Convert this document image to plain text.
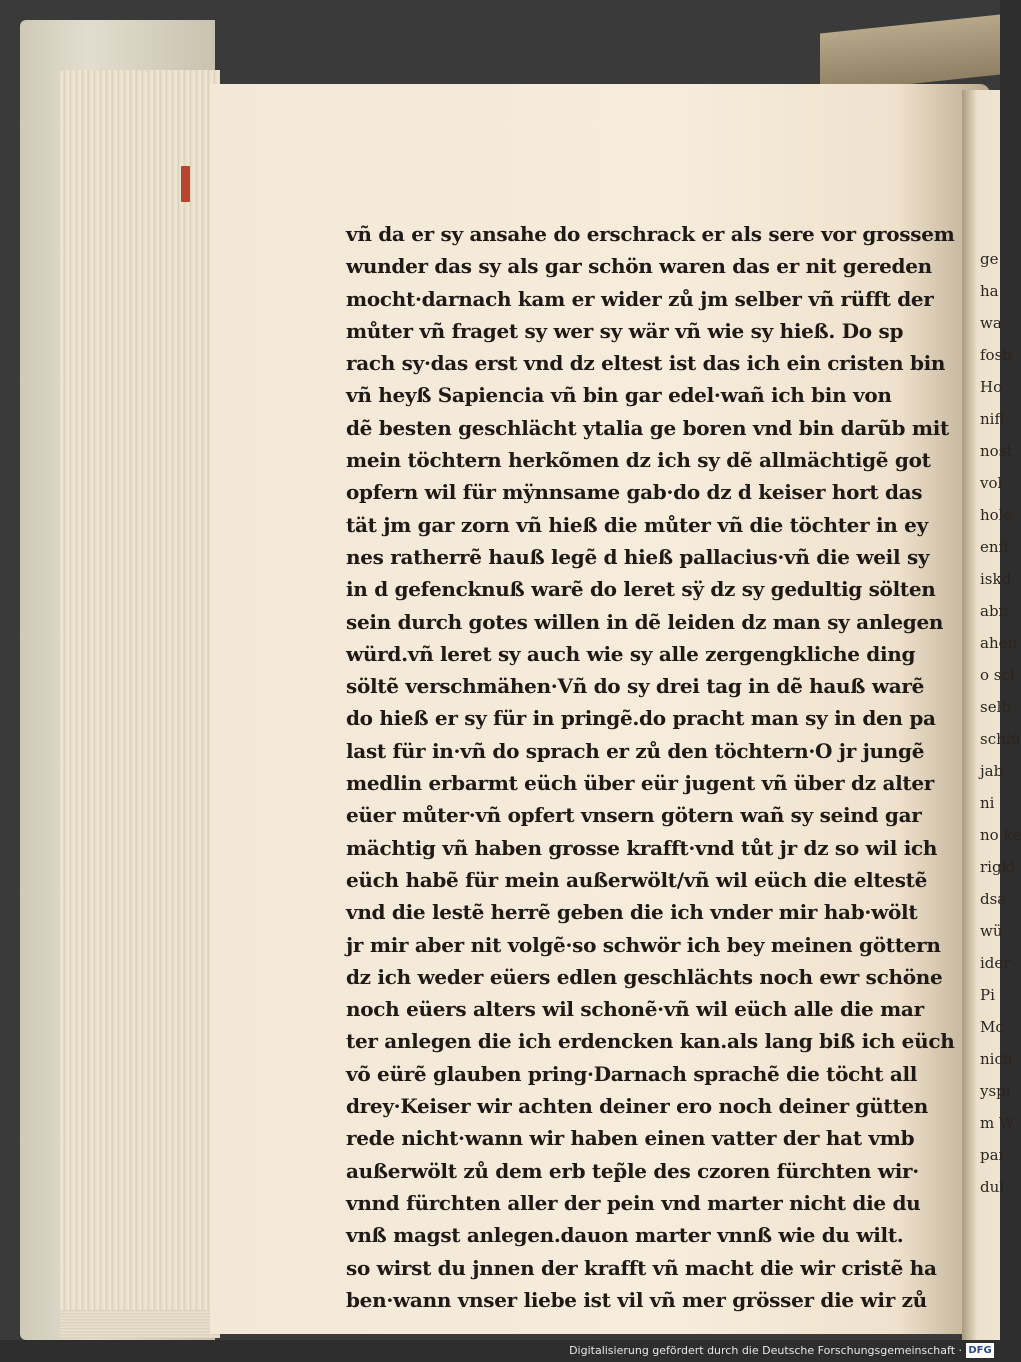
ge
ha
wa
fosb
Ho
nifl
nost
vol
hole
enfl
iskd
abn
ahen
o scl
selb
schlü
jab
ni
no ke
rigkl
dsa
wü
ider
Pi
Mc
nich
yspi
m W
pai
dul
vñ da er sy ansahe do erschrack er als sere vor grossem
wunder das sy als gar schön waren das er nit gereden
mocht·darnach kam er wider zů jm selber vñ rüfft der
můter vñ fraget sy wer sy wär vñ wie sy hieß. Do sp
rach sy·das erst vnd dz eltest ist das ich ein cristen bin
vñ heyß Sapiencia vñ bin gar edel·wañ ich bin von
dẽ besten geschlächt ytalia ge boren vnd bin darũb mit
mein töchtern herkõmen dz ich sy dẽ allmächtigẽ got
opfern wil für mÿnnsame gab·do dz d keiser hort das
tät jm gar zorn vñ hieß die můter vñ die töchter in ey
nes ratherrẽ hauß legẽ d hieß pallacius·vñ die weil sy
in d gefencknuß warẽ do leret sÿ dz sy gedultig sölten
sein durch gotes willen in dẽ leiden dz man sy anlegen
würd.vñ leret sy auch wie sy alle zergengkliche ding
söltẽ verschmähen·Vñ do sy drei tag in dẽ hauß warẽ
do hieß er sy für in pringẽ.do pracht man sy in den pa
last für in·vñ do sprach er zů den töchtern·O jr jungẽ
medlin erbarmt eüch über eür jugent vñ über dz alter
eüer můter·vñ opfert vnsern götern wañ sy seind gar
mächtig vñ haben grosse krafft·vnd tůt jr dz so wil ich
eüch habẽ für mein außerwölt/vñ wil eüch die eltestẽ
vnd die lestẽ herrẽ geben die ich vnder mir hab·wölt
jr mir aber nit volgẽ·so schwör ich bey meinen göttern
dz ich weder eüers edlen geschlächts noch ewr schöne
noch eüers alters wil schonẽ·vñ wil eüch alle die mar
ter anlegen die ich erdencken kan.als lang biß ich eüch
võ eürẽ glauben pring·Darnach sprachẽ die töcht all
drey·Keiser wir achten deiner ero noch deiner gütten
rede nicht·wann wir haben einen vatter der hat vmb
außerwölt zů dem erb tep̃le des czoren fürchten wir·
vnnd fürchten aller der pein vnd marter nicht die du
vnß magst anlegen.dauon marter vnnß wie du wilt.
so wirst du jnnen der krafft vñ macht die wir cristẽ ha
ben·wann vnser liebe ist vil vñ mer grösser die wir zů
Digitalisierung gefördert durch die Deutsche Forschungsgemeinschaft · DFG
